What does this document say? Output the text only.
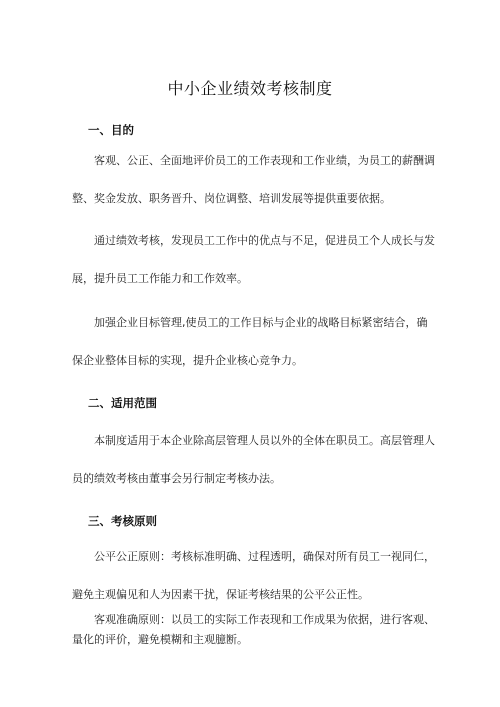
中小企业绩效考核制度
一、目的
客观、公正、全面地评价员工的工作表现和工作业绩，为员工的薪酬调
整、奖金发放、职务晋升、岗位调整、培训发展等提供重要依据。
通过绩效考核，发现员工工作中的优点与不足，促进员工个人成长与发
展，提升员工工作能力和工作效率。
加强企业目标管理,使员工的工作目标与企业的战略目标紧密结合，确
保企业整体目标的实现，提升企业核心竞争力。
二、适用范围
本制度适用于本企业除高层管理人员以外的全体在职员工。高层管理人
员的绩效考核由董事会另行制定考核办法。
三、考核原则
公平公正原则：考核标准明确、过程透明，确保对所有员工一视同仁，
避免主观偏见和人为因素干扰，保证考核结果的公平公正性。
客观准确原则：以员工的实际工作表现和工作成果为依据，进行客观、
量化的评价，避免模糊和主观臆断。
